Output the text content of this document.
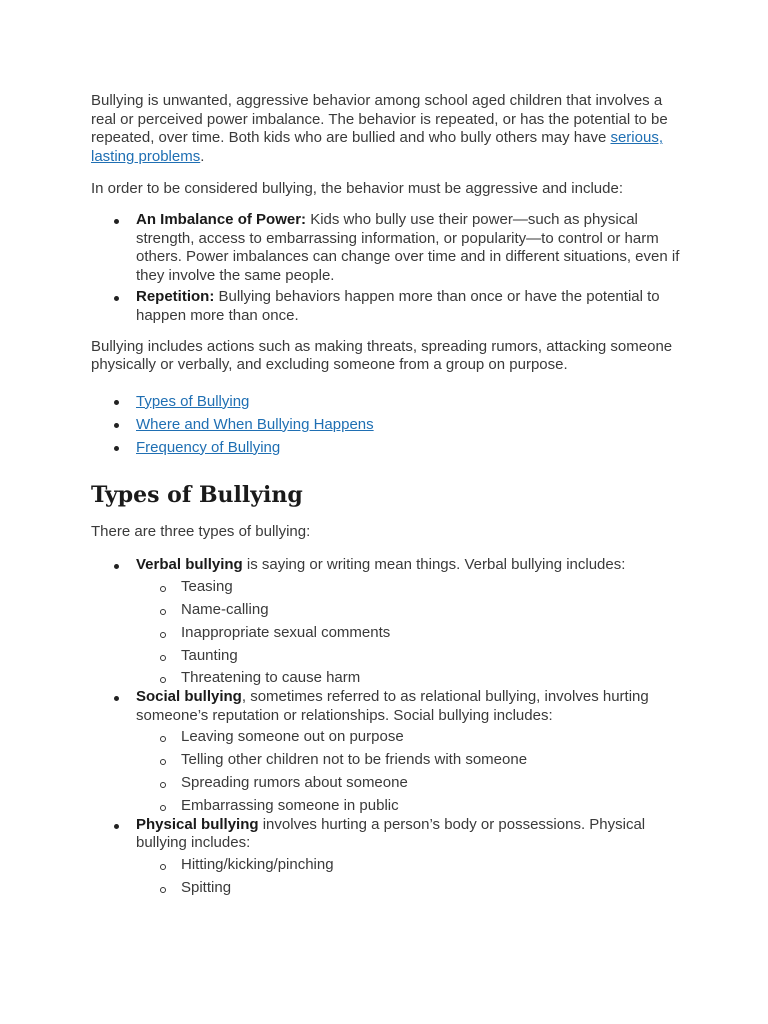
Bullying is unwanted, aggressive behavior among school aged children that involves a real or perceived power imbalance. The behavior is repeated, or has the potential to be repeated, over time. Both kids who are bullied and who bully others may have serious, lasting problems.

In order to be considered bullying, the behavior must be aggressive and include:

An Imbalance of Power: Kids who bully use their power—such as physical strength, access to embarrassing information, or popularity—to control or harm others. Power imbalances can change over time and in different situations, even if they involve the same people.
Repetition: Bullying behaviors happen more than once or have the potential to happen more than once.

Bullying includes actions such as making threats, spreading rumors, attacking someone physically or verbally, and excluding someone from a group on purpose.

Types of Bullying
Where and When Bullying Happens
Frequency of Bullying
Types of Bullying

There are three types of bullying:

Verbal bullying is saying or writing mean things. Verbal bullying includes:
Teasing
Name-calling
Inappropriate sexual comments
Taunting
Threatening to cause harm
Social bullying, sometimes referred to as relational bullying, involves hurting someone’s reputation or relationships. Social bullying includes:
Leaving someone out on purpose
Telling other children not to be friends with someone
Spreading rumors about someone
Embarrassing someone in public
Physical bullying involves hurting a person’s body or possessions. Physical bullying includes:
Hitting/kicking/pinching
Spitting
